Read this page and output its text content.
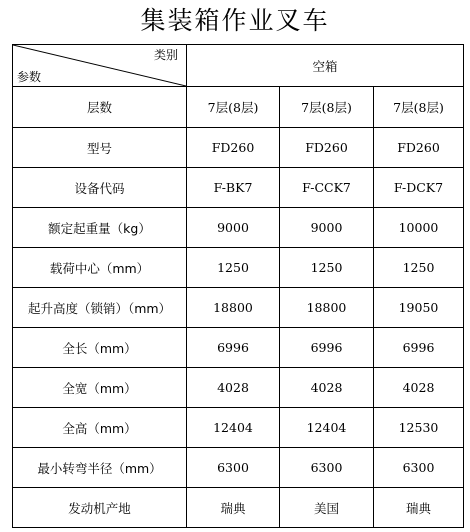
集装箱作业叉车
类别
参数	空箱		
层数	7层(8层)	7层(8层)	7层(8层)
型号	FD260	FD260	FD260
设备代码	F-BK7	F-CCK7	F-DCK7
额定起重量（kg）	9000	9000	10000
载荷中心（mm）	1250	1250	1250
起升高度（锁销）（mm）	18800	18800	19050
全长（mm）	6996	6996	6996
全宽（mm）	4028	4028	4028
全高（mm）	12404	12404	12530
最小转弯半径（mm）	6300	6300	6300
发动机产地	瑞典	美国	瑞典
